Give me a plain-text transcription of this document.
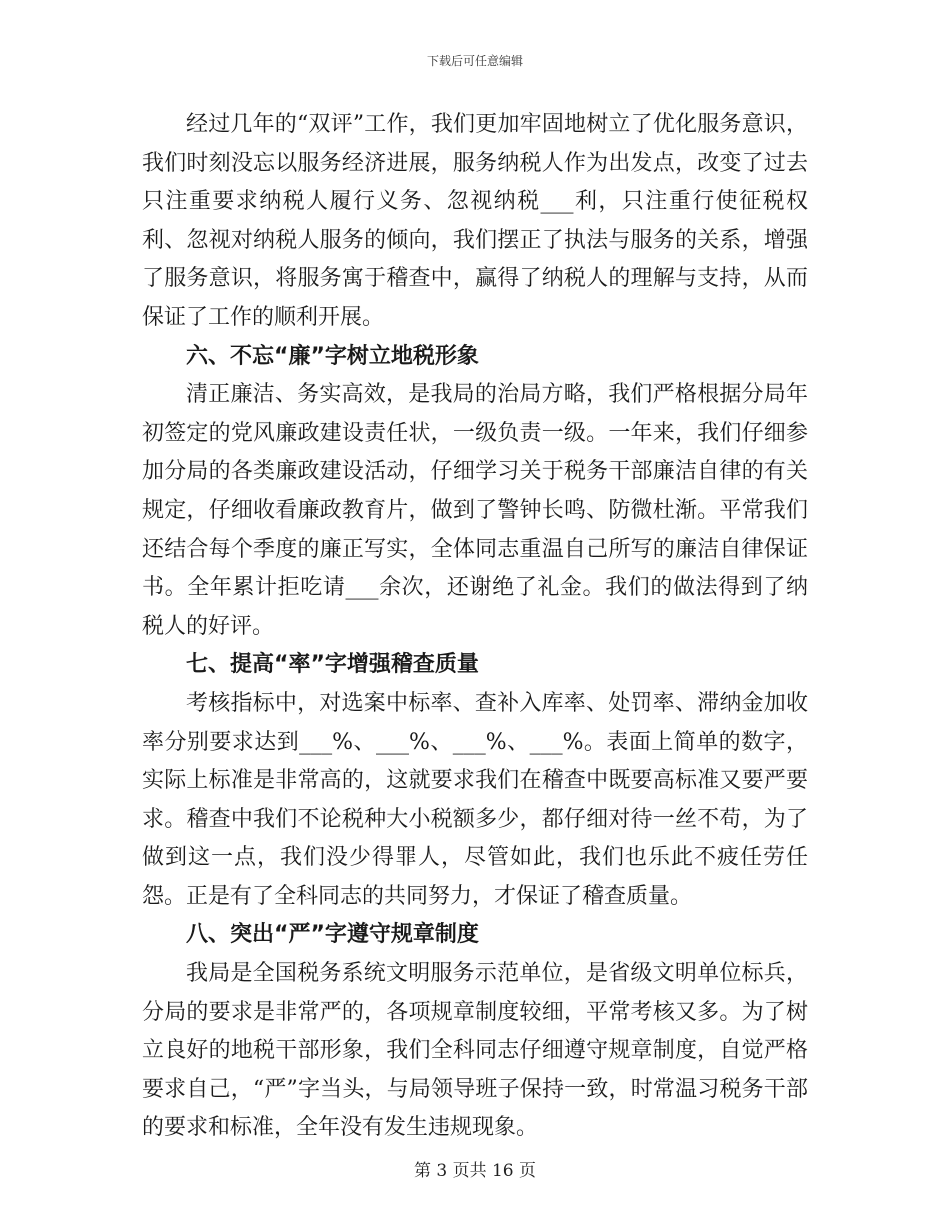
下载后可任意编辑

经过几年的“双评”工作，我们更加牢固地树立了优化服务意识，我们时刻没忘以服务经济进展，服务纳税人作为出发点，改变了过去只注重要求纳税人履行义务、忽视纳税___利，只注重行使征税权利、忽视对纳税人服务的倾向，我们摆正了执法与服务的关系，增强了服务意识，将服务寓于稽查中，赢得了纳税人的理解与支持，从而保证了工作的顺利开展。

六、不忘“廉”字树立地税形象

清正廉洁、务实高效，是我局的治局方略，我们严格根据分局年初签定的党风廉政建设责任状，一级负责一级。一年来，我们仔细参加分局的各类廉政建设活动，仔细学习关于税务干部廉洁自律的有关规定，仔细收看廉政教育片，做到了警钟长鸣、防微杜渐。平常我们还结合每个季度的廉正写实，全体同志重温自己所写的廉洁自律保证书。全年累计拒吃请___余次，还谢绝了礼金。我们的做法得到了纳税人的好评。

七、提高“率”字增强稽查质量

考核指标中，对选案中标率、查补入库率、处罚率、滞纳金加收率分别要求达到___%、___%、___%、___%。表面上简单的数字，实际上标准是非常高的，这就要求我们在稽查中既要高标准又要严要求。稽查中我们不论税种大小税额多少，都仔细对待一丝不苟，为了做到这一点，我们没少得罪人，尽管如此，我们也乐此不疲任劳任怨。正是有了全科同志的共同努力，才保证了稽查质量。

八、突出“严”字遵守规章制度

我局是全国税务系统文明服务示范单位，是省级文明单位标兵，分局的要求是非常严的，各项规章制度较细，平常考核又多。为了树立良好的地税干部形象，我们全科同志仔细遵守规章制度，自觉严格要求自己，“严”字当头，与局领导班子保持一致，时常温习税务干部的要求和标准，全年没有发生违规现象。

第 3 页共 16 页
